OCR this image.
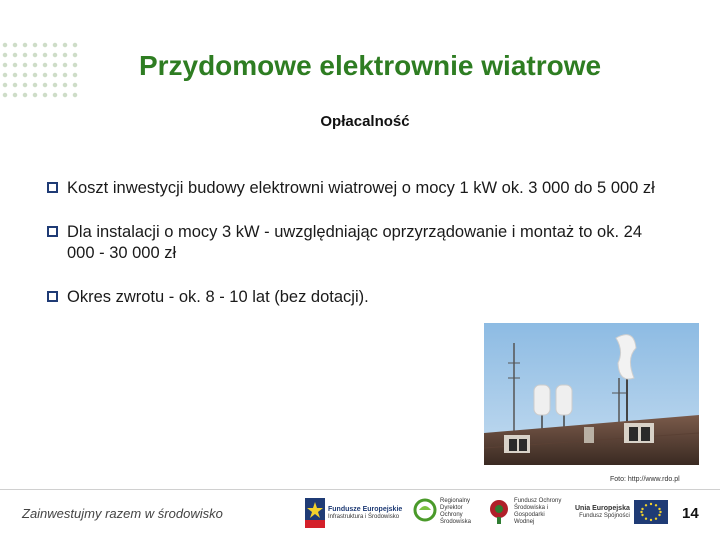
Przydomowe elektrownie wiatrowe
Opłacalność
Koszt inwestycji budowy elektrowni wiatrowej o mocy 1 kW ok. 3 000 do 5 000 zł
Dla instalacji o mocy 3 kW - uwzględniając oprzyrządowanie i montaż to ok. 24 000 - 30 000 zł
Okres zwrotu - ok. 8 - 10 lat (bez dotacji).
Foto: http://www.rdo.pl
Zainwestujmy razem w środowisko	Fundusze Europejskie
Infrastruktura i Środowisko
Regionalny Dyrektor Ochrony Środowiska
Fundusz Ochrony Środowiska i Gospodarki Wodnej
Unia Europejska
Fundusz Spójności	14
